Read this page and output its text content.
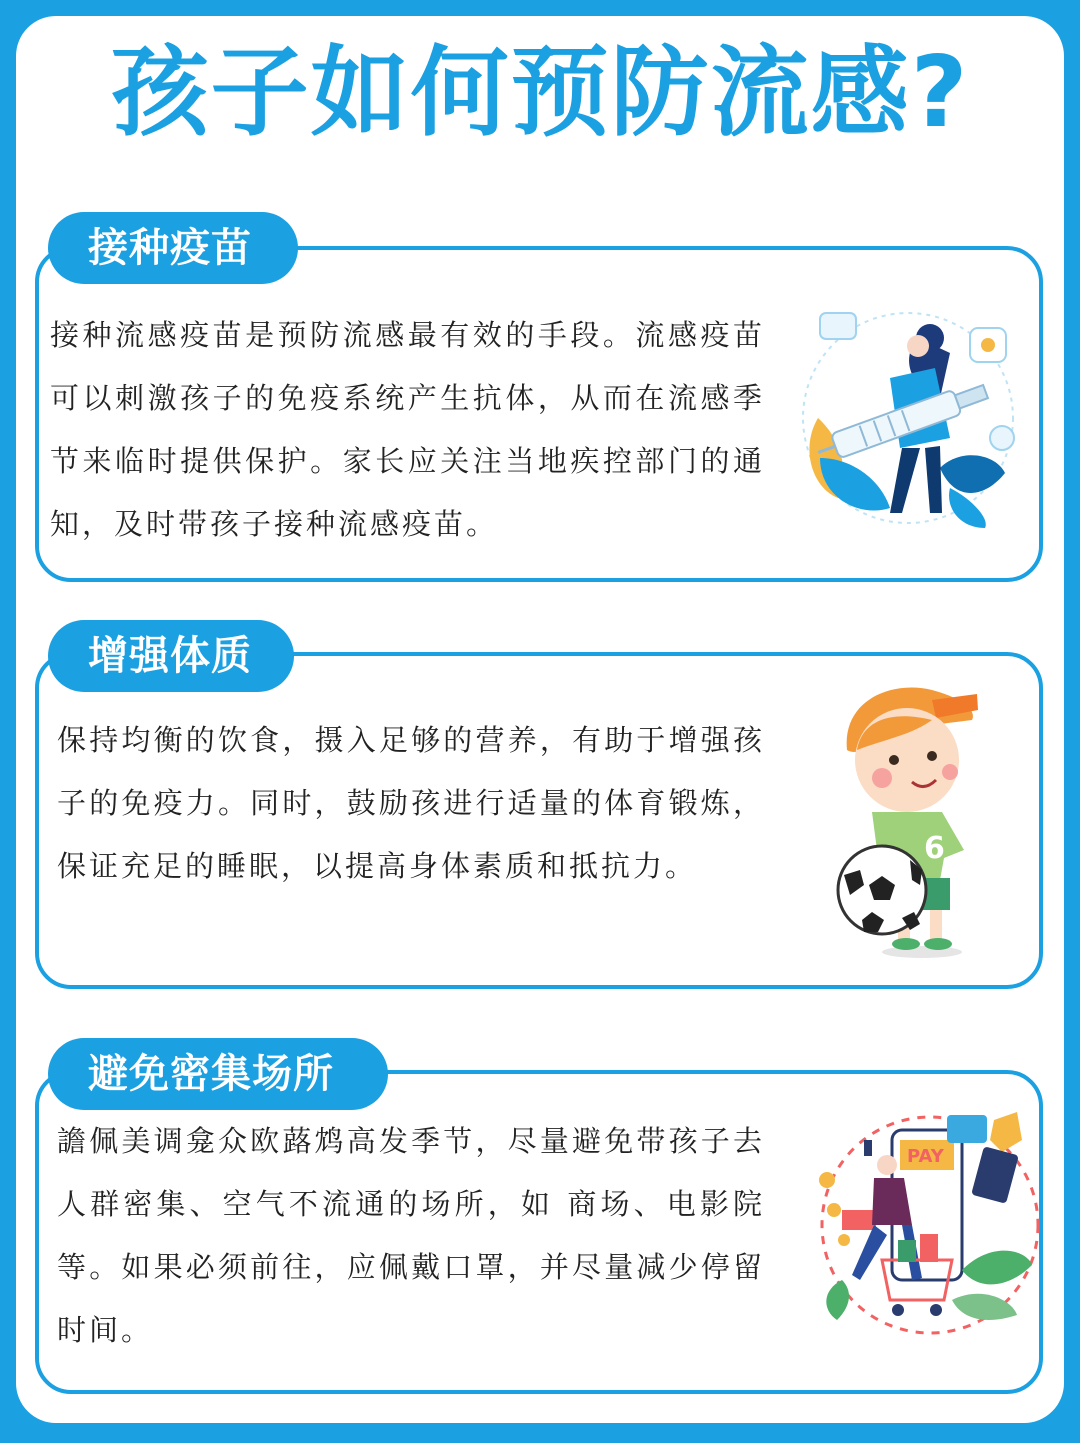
孩子如何预防流感?
接种疫苗
接种流感疫苗是预防流感最有效的手段。流感疫苗可以刺激孩子的免疫系统产生抗体，从而在流感季节来临时提供保护。家长应关注当地疾控部门的通知，及时带孩子接种流感疫苗。
增强体质
保持均衡的饮食，摄入足够的营养，有助于增强孩子的免疫力。同时，鼓励孩进行适量的体育锻炼，保证充足的睡眠，以提高身体素质和抵抗力。	6
避免密集场所
譫佩美调龛众欧蕗鸩高发季节，尽量避免带孩子去人群密集、空气不流通的场所，如 商场、电影院等。如果必须前往，应佩戴口罩，并尽量减少停留时间。
PAY
